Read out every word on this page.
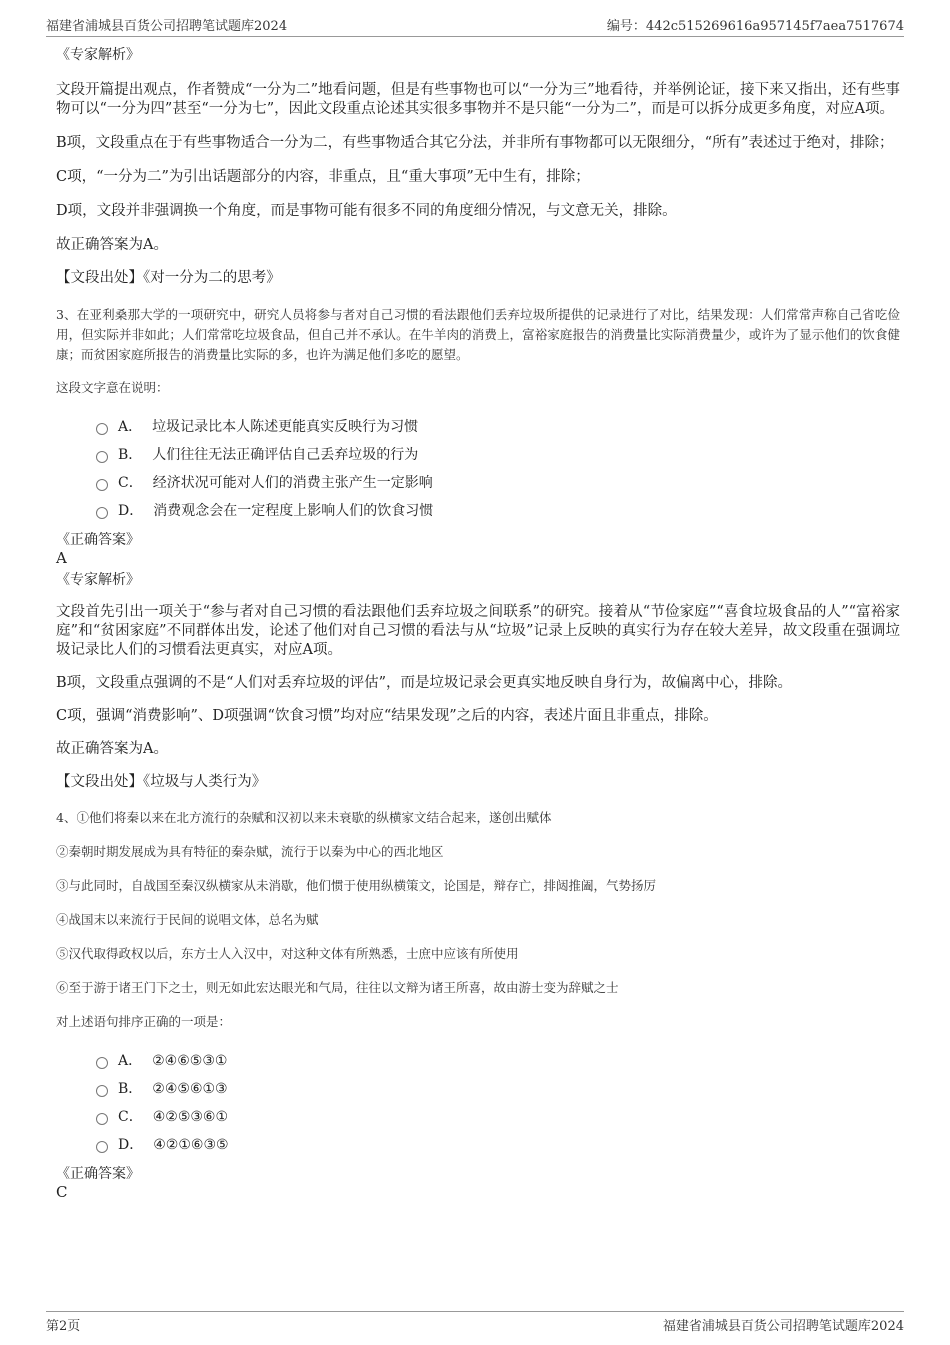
福建省浦城县百货公司招聘笔试题库2024	编号：442c515269616a957145f7aea7517674

《专家解析》

文段开篇提出观点，作者赞成“一分为二”地看问题，但是有些事物也可以“一分为三”地看待，并举例论证，接下来又指出，还有些事物可以“一分为四”甚至“一分为七”，因此文段重点论述其实很多事物并不是只能“一分为二”，而是可以拆分成更多角度，对应A项。

B项，文段重点在于有些事物适合一分为二，有些事物适合其它分法，并非所有事物都可以无限细分，“所有”表述过于绝对，排除；

C项，“一分为二”为引出话题部分的内容，非重点，且“重大事项”无中生有，排除；

D项，文段并非强调换一个角度，而是事物可能有很多不同的角度细分情况，与文意无关，排除。

故正确答案为A。

【文段出处】《对一分为二的思考》

3、在亚利桑那大学的一项研究中，研究人员将参与者对自己习惯的看法跟他们丢弃垃圾所提供的记录进行了对比，结果发现：人们常常声称自己省吃俭用，但实际并非如此；人们常常吃垃圾食品，但自己并不承认。在牛羊肉的消费上，富裕家庭报告的消费量比实际消费量少，或许为了显示他们的饮食健康；而贫困家庭所报告的消费量比实际的多，也许为满足他们多吃的愿望。

这段文字意在说明：

A． 垃圾记录比本人陈述更能真实反映行为习惯
B． 人们往往无法正确评估自己丢弃垃圾的行为
C． 经济状况可能对人们的消费主张产生一定影响
D． 消费观念会在一定程度上影响人们的饮食习惯

《正确答案》

A

《专家解析》

文段首先引出一项关于“参与者对自己习惯的看法跟他们丢弃垃圾之间联系”的研究。接着从“节俭家庭”“喜食垃圾食品的人”“富裕家庭”和“贫困家庭”不同群体出发，论述了他们对自己习惯的看法与从“垃圾”记录上反映的真实行为存在较大差异，故文段重在强调垃圾记录比人们的习惯看法更真实，对应A项。

B项，文段重点强调的不是“人们对丢弃垃圾的评估”，而是垃圾记录会更真实地反映自身行为，故偏离中心，排除。

C项，强调“消费影响”、D项强调“饮食习惯”均对应“结果发现”之后的内容，表述片面且非重点，排除。

故正确答案为A。

【文段出处】《垃圾与人类行为》

4、①他们将秦以来在北方流行的杂赋和汉初以来未衰歇的纵横家文结合起来，遂创出赋体

②秦朝时期发展成为具有特征的秦杂赋，流行于以秦为中心的西北地区

③与此同时，自战国至秦汉纵横家从未消歇，他们惯于使用纵横策文，论国是，辩存亡，排闼推阖，气势扬厉

④战国末以来流行于民间的说唱文体，总名为赋

⑤汉代取得政权以后，东方士人入汉中，对这种文体有所熟悉，士庶中应该有所使用

⑥至于游于诸王门下之士，则无如此宏达眼光和气局，往往以文辩为诸王所喜，故由游士变为辞赋之士

对上述语句排序正确的一项是：

A． ②④⑥⑤③①
B． ②④⑤⑥①③
C． ④②⑤③⑥①
D． ④②①⑥③⑤

《正确答案》

C

第2页	福建省浦城县百货公司招聘笔试题库2024
